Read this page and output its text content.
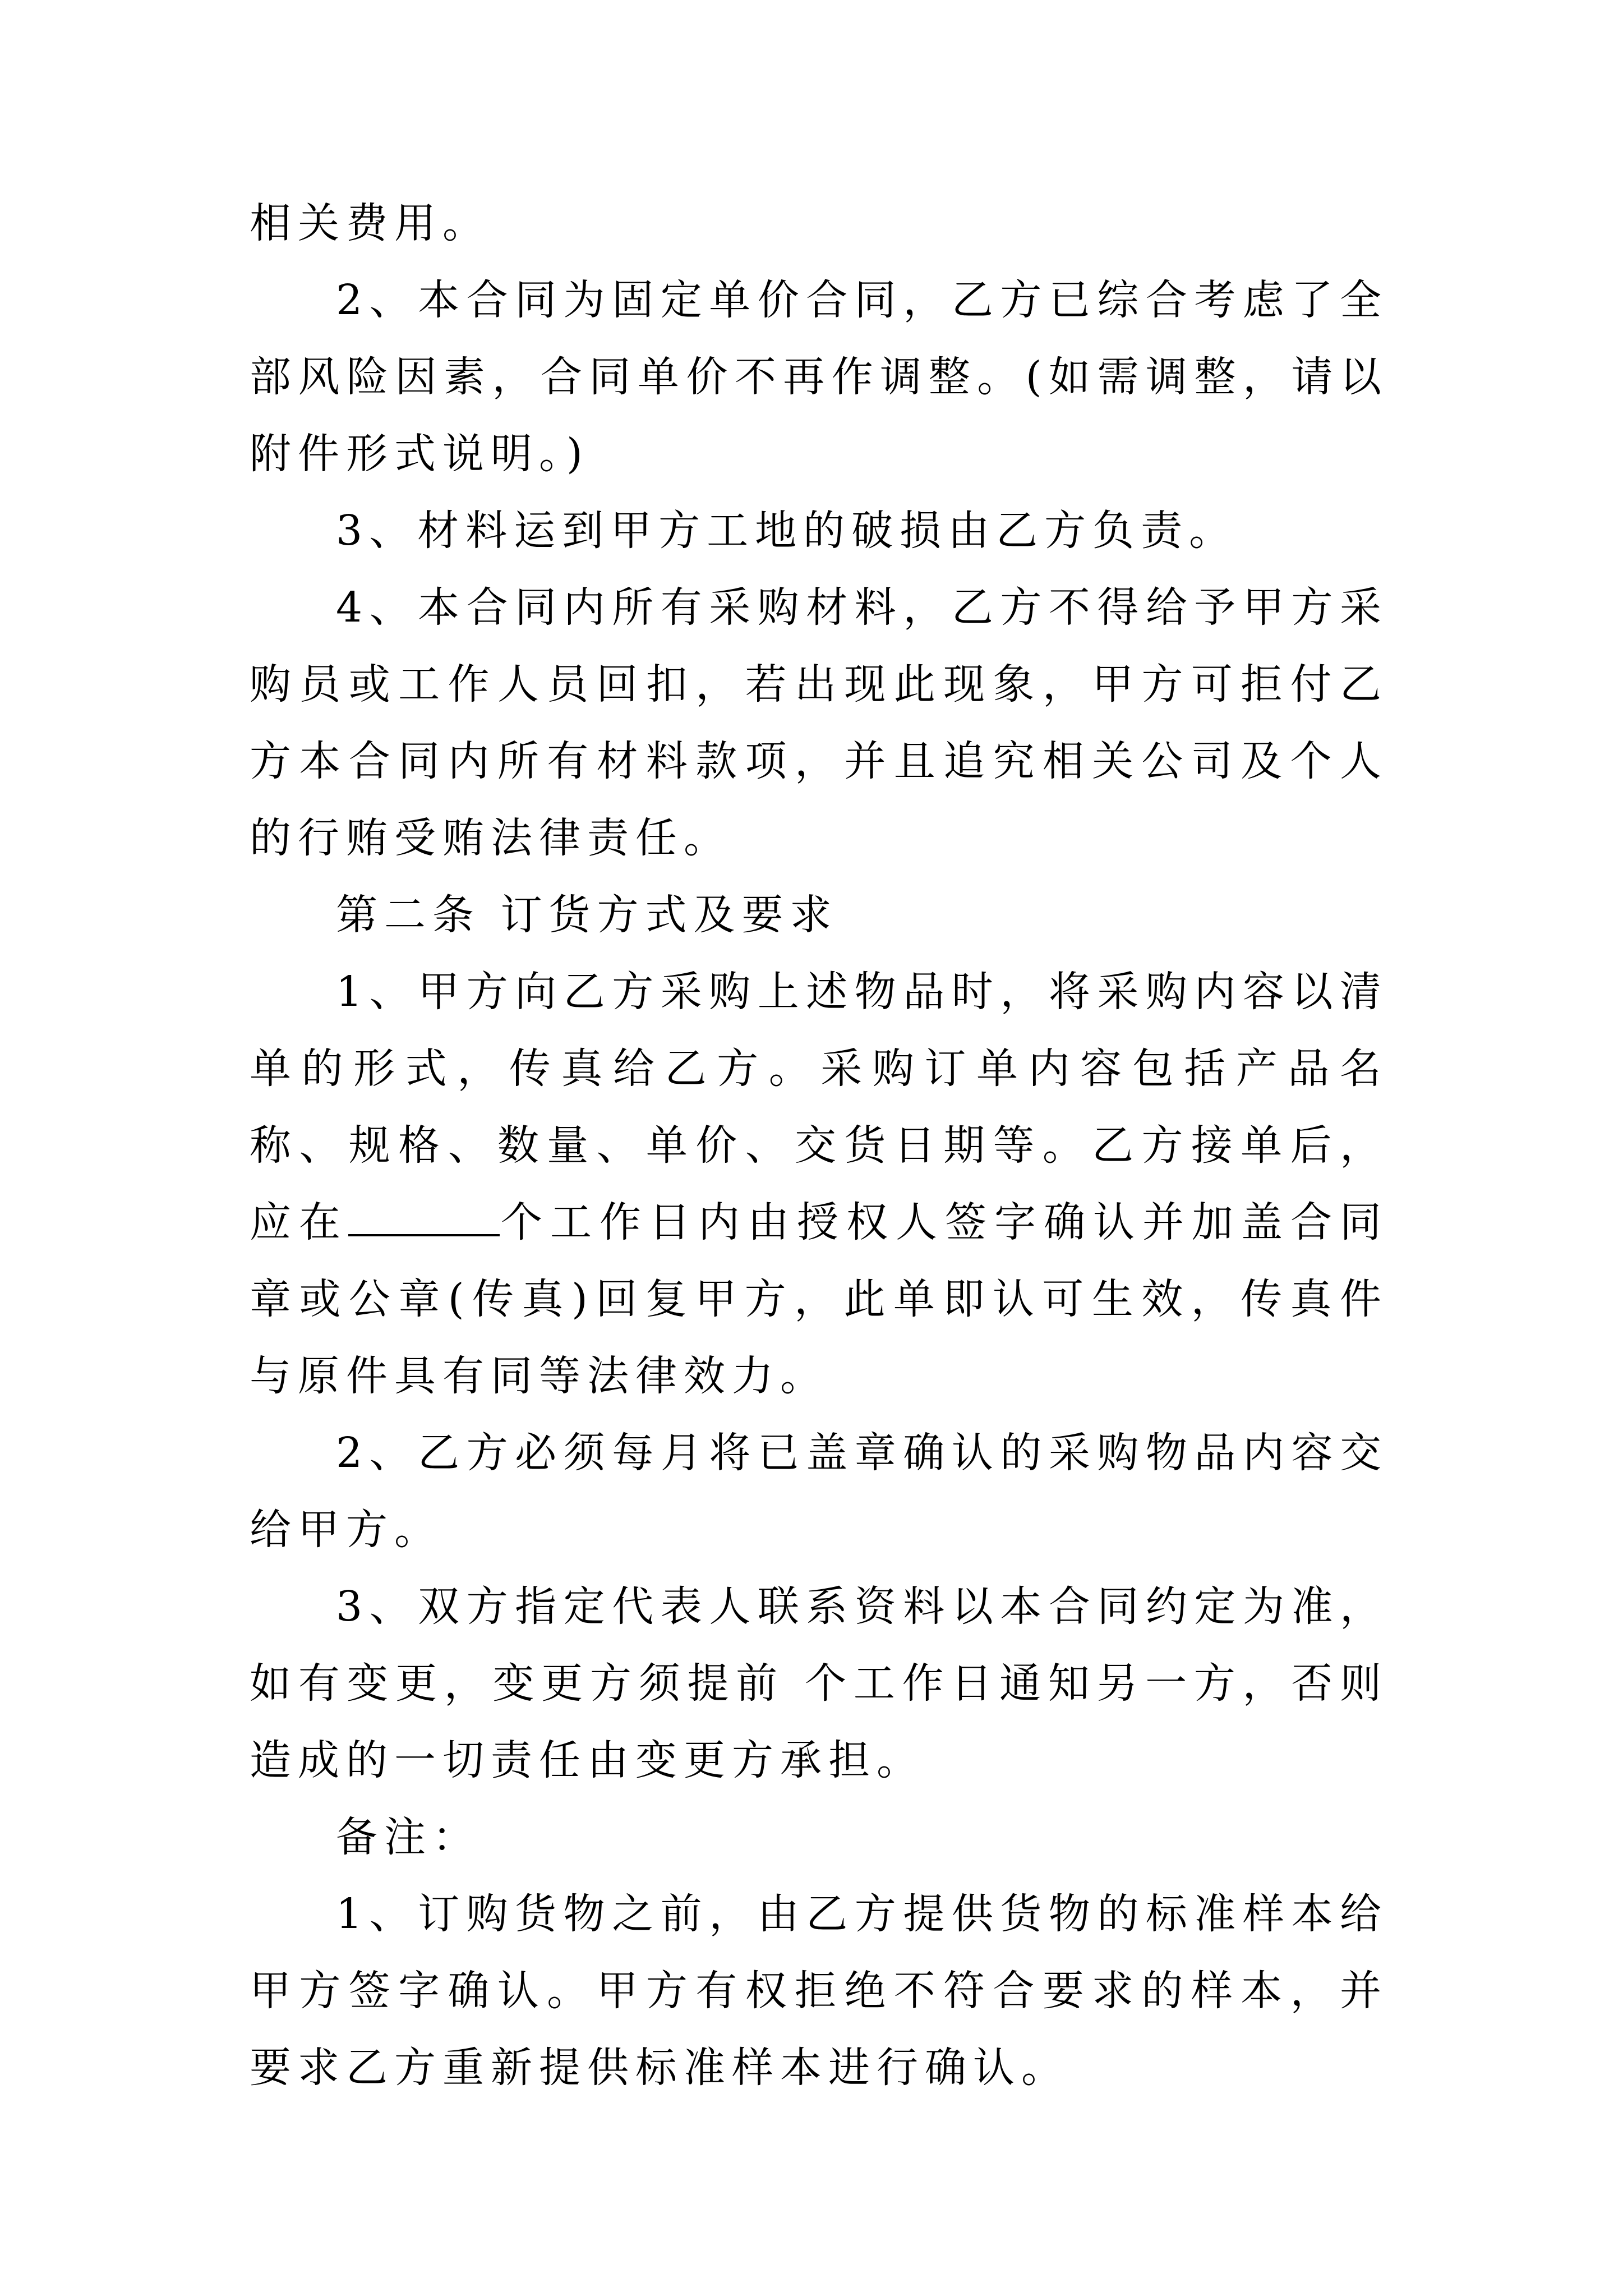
相关费用。

2、本合同为固定单价合同，乙方已综合考虑了全部风险因素，合同单价不再作调整。(如需调整，请以附件形式说明。)

3、材料运到甲方工地的破损由乙方负责。

4、本合同内所有采购材料，乙方不得给予甲方采购员或工作人员回扣，若出现此现象，甲方可拒付乙方本合同内所有材料款项，并且追究相关公司及个人的行贿受贿法律责任。

第二条 订货方式及要求

1、甲方向乙方采购上述物品时，将采购内容以清单的形式，传真给乙方。采购订单内容包括产品名称、规格、数量、单价、交货日期等。乙方接单后，应在	个工作日内由授权人签字确认并加盖合同章或公章(传真)回复甲方，此单即认可生效，传真件与原件具有同等法律效力。

2、乙方必须每月将已盖章确认的采购物品内容交给甲方。

3、双方指定代表人联系资料以本合同约定为准，如有变更，变更方须提前 个工作日通知另一方，否则造成的一切责任由变更方承担。

备注：

1、订购货物之前，由乙方提供货物的标准样本给甲方签字确认。甲方有权拒绝不符合要求的样本，并要求乙方重新提供标准样本进行确认。
